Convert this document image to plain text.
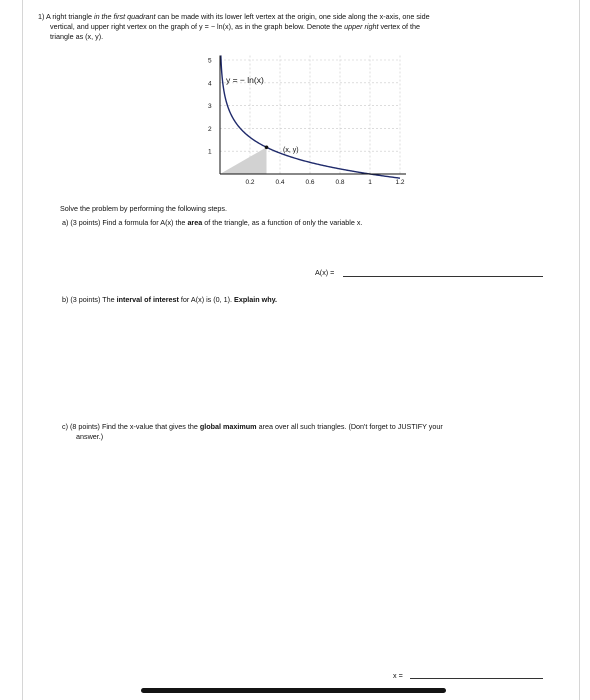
1) A right triangle in the first quadrant can be made with its lower left vertex at the origin, one side along the x-axis, one side
vertical, and upper right vertex on the graph of y = − ln(x), as in the graph below. Denote the upper right vertex of the
triangle as (x, y).
5
4
3
2
1
0.2	0.4	0.6	0.8	1	1.2
y = − ln(x)
(x, y)
Solve the problem by performing the following steps.
a) (3 points) Find a formula for A(x) the area of the triangle, as a function of only the variable x.
A(x) =
b) (3 points) The interval of interest for A(x) is (0, 1). Explain why.
c) (8 points) Find the x-value that gives the global maximum area over all such triangles. (Don't forget to JUSTIFY your
answer.)
x =
